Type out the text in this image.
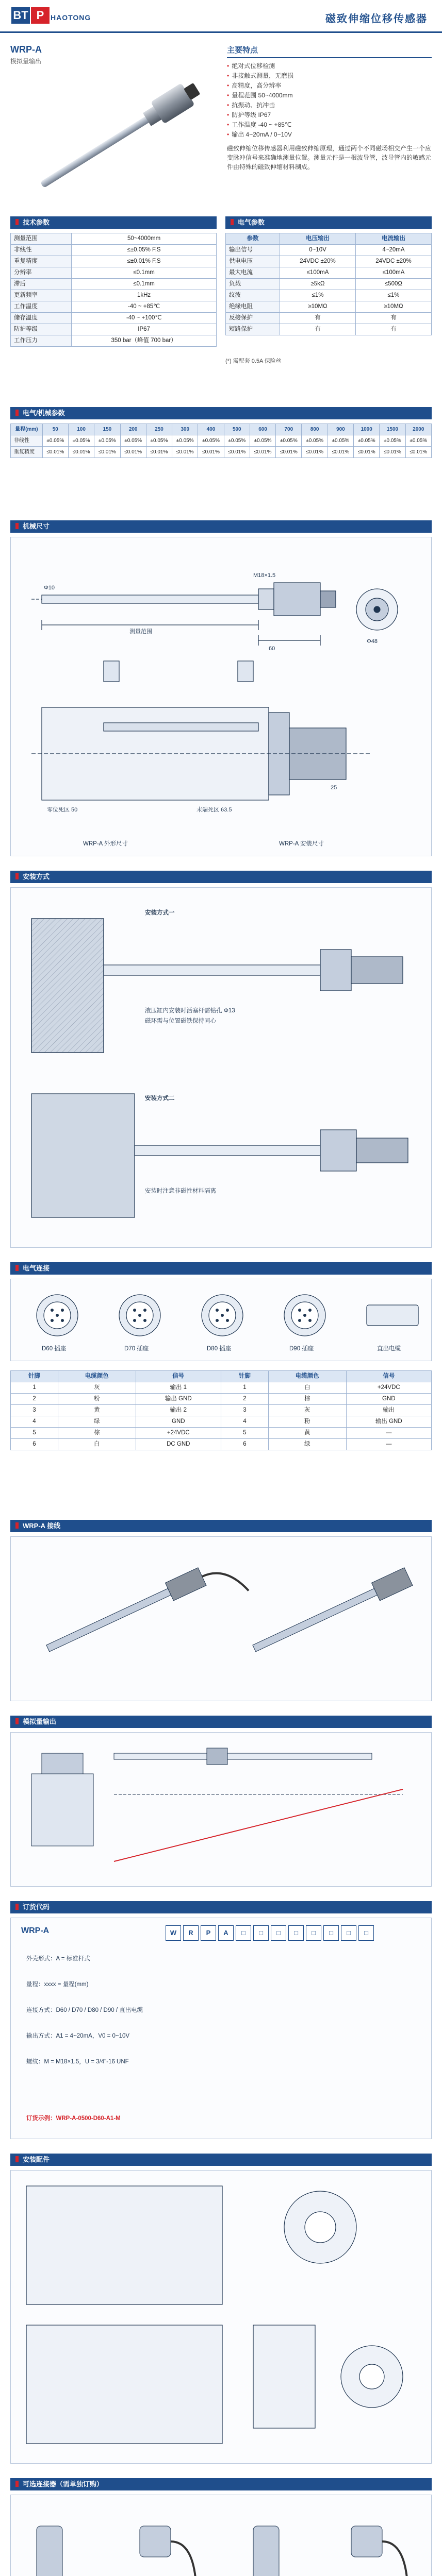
BT P HAOTONG	磁致伸缩位移传感器
WRP-A
模拟量输出
主要特点
• 绝对式位移检测
• 非接触式测量，无磨损
• 高精度，高分辨率
• 量程范围 50~4000mm
• 抗振动、抗冲击
• 防护等级 IP67
• 工作温度 -40 ~ +85℃
• 输出 4~20mA / 0~10V

磁致伸缩位移传感器利用磁致伸缩原理，通过两个不同磁场相交产生一个应变脉冲信号来准确地测量位置。测量元件是一根波导管，波导管内的敏感元件由特殊的磁致伸缩材料制成。

技术参数	电气参数
测量范围	50~4000mm
非线性	≤±0.05% F.S
重复精度	≤±0.01% F.S
分辨率	≤0.1mm
滞后	≤0.1mm
更新频率	1kHz
工作温度	-40 ~ +85℃
储存温度	-40 ~ +100℃
防护等级	IP67
工作压力	350 bar（峰值 700 bar）
参数	电压输出	电流输出
输出信号	0~10V	4~20mA
供电电压	24VDC ±20%	24VDC ±20%
最大电流	≤100mA	≤100mA
负载	≥5kΩ	≤500Ω
纹波	≤1%	≤1%
绝缘电阻	≥10MΩ	≥10MΩ
反接保护	有	有
短路保护	有	有
(*) 需配套 0.5A 保险丝
电气/机械参数
量程(mm)	50	100	150	200	250	300	400	500	600	700	800	900	1000	1500	2000
非线性	±0.05%	±0.05%	±0.05%	±0.05%	±0.05%	±0.05%	±0.05%	±0.05%	±0.05%	±0.05%	±0.05%	±0.05%	±0.05%	±0.05%	±0.05%
重复精度	≤0.01%	≤0.01%	≤0.01%	≤0.01%	≤0.01%	≤0.01%	≤0.01%	≤0.01%	≤0.01%	≤0.01%	≤0.01%	≤0.01%	≤0.01%	≤0.01%	≤0.01%
机械尺寸
测量范围
60
M18×1.5
Φ10
Φ48
零位死区 50	末端死区 63.5
25
WRP-A 外形尺寸	WRP-A 安装尺寸
安装方式
安装方式一
安装方式二
液压缸内安装时活塞杆需钻孔 Φ13
磁环需与位置磁铁保持同心
安装时注意非磁性材料隔离
电气连接
D60 插座	D70 插座	D80 插座	D90 插座	直出电缆
针脚	电缆颜色	信号	针脚	电缆颜色	信号
1	灰	输出 1	1	白	+24VDC
2	粉	输出 GND	2	棕	GND
3	黄	输出 2	3	灰	输出
4	绿	GND	4	粉	输出 GND
5	棕	+24VDC	5	黄	—
6	白	DC GND	6	绿	—
WRP-A 接线
模拟量输出
订货代码
WRP-A	W R P A □ □ □ □ □ □ □ □
外壳形式：A = 标准杆式
量程：xxxx = 量程(mm)
连接方式：D60 / D70 / D80 / D90 / 直出电缆
输出方式：A1 = 4~20mA，V0 = 0~10V
螺纹：M = M18×1.5，U = 3/4"-16 UNF
订货示例：WRP-A-0500-D60-A1-M
安装配件
可选连接器（需单独订购）
